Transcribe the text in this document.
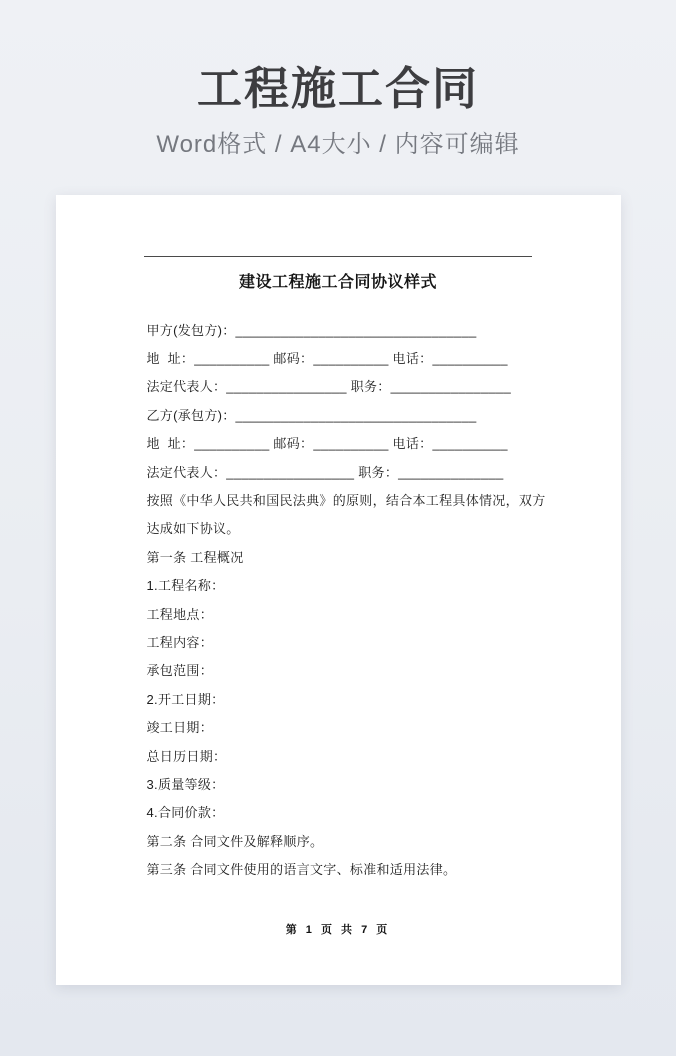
工程施工合同

Word格式 / A4大小 / 内容可编辑

建设工程施工合同协议样式

甲方(发包方)：________________________________

地  址：__________ 邮码：__________ 电话：__________

法定代表人：________________ 职务：________________

乙方(承包方)：________________________________

地  址：__________ 邮码：__________ 电话：__________

法定代表人：_________________ 职务：______________

按照《中华人民共和国民法典》的原则，结合本工程具体情况，双方达成如下协议。

第一条 工程概况

1.工程名称：

工程地点：

工程内容：

承包范围：

2.开工日期：

竣工日期：

总日历日期：

3.质量等级：

4.合同价款：

第二条 合同文件及解释顺序。

第三条 合同文件使用的语言文字、标准和适用法律。

第 1 页 共 7 页
